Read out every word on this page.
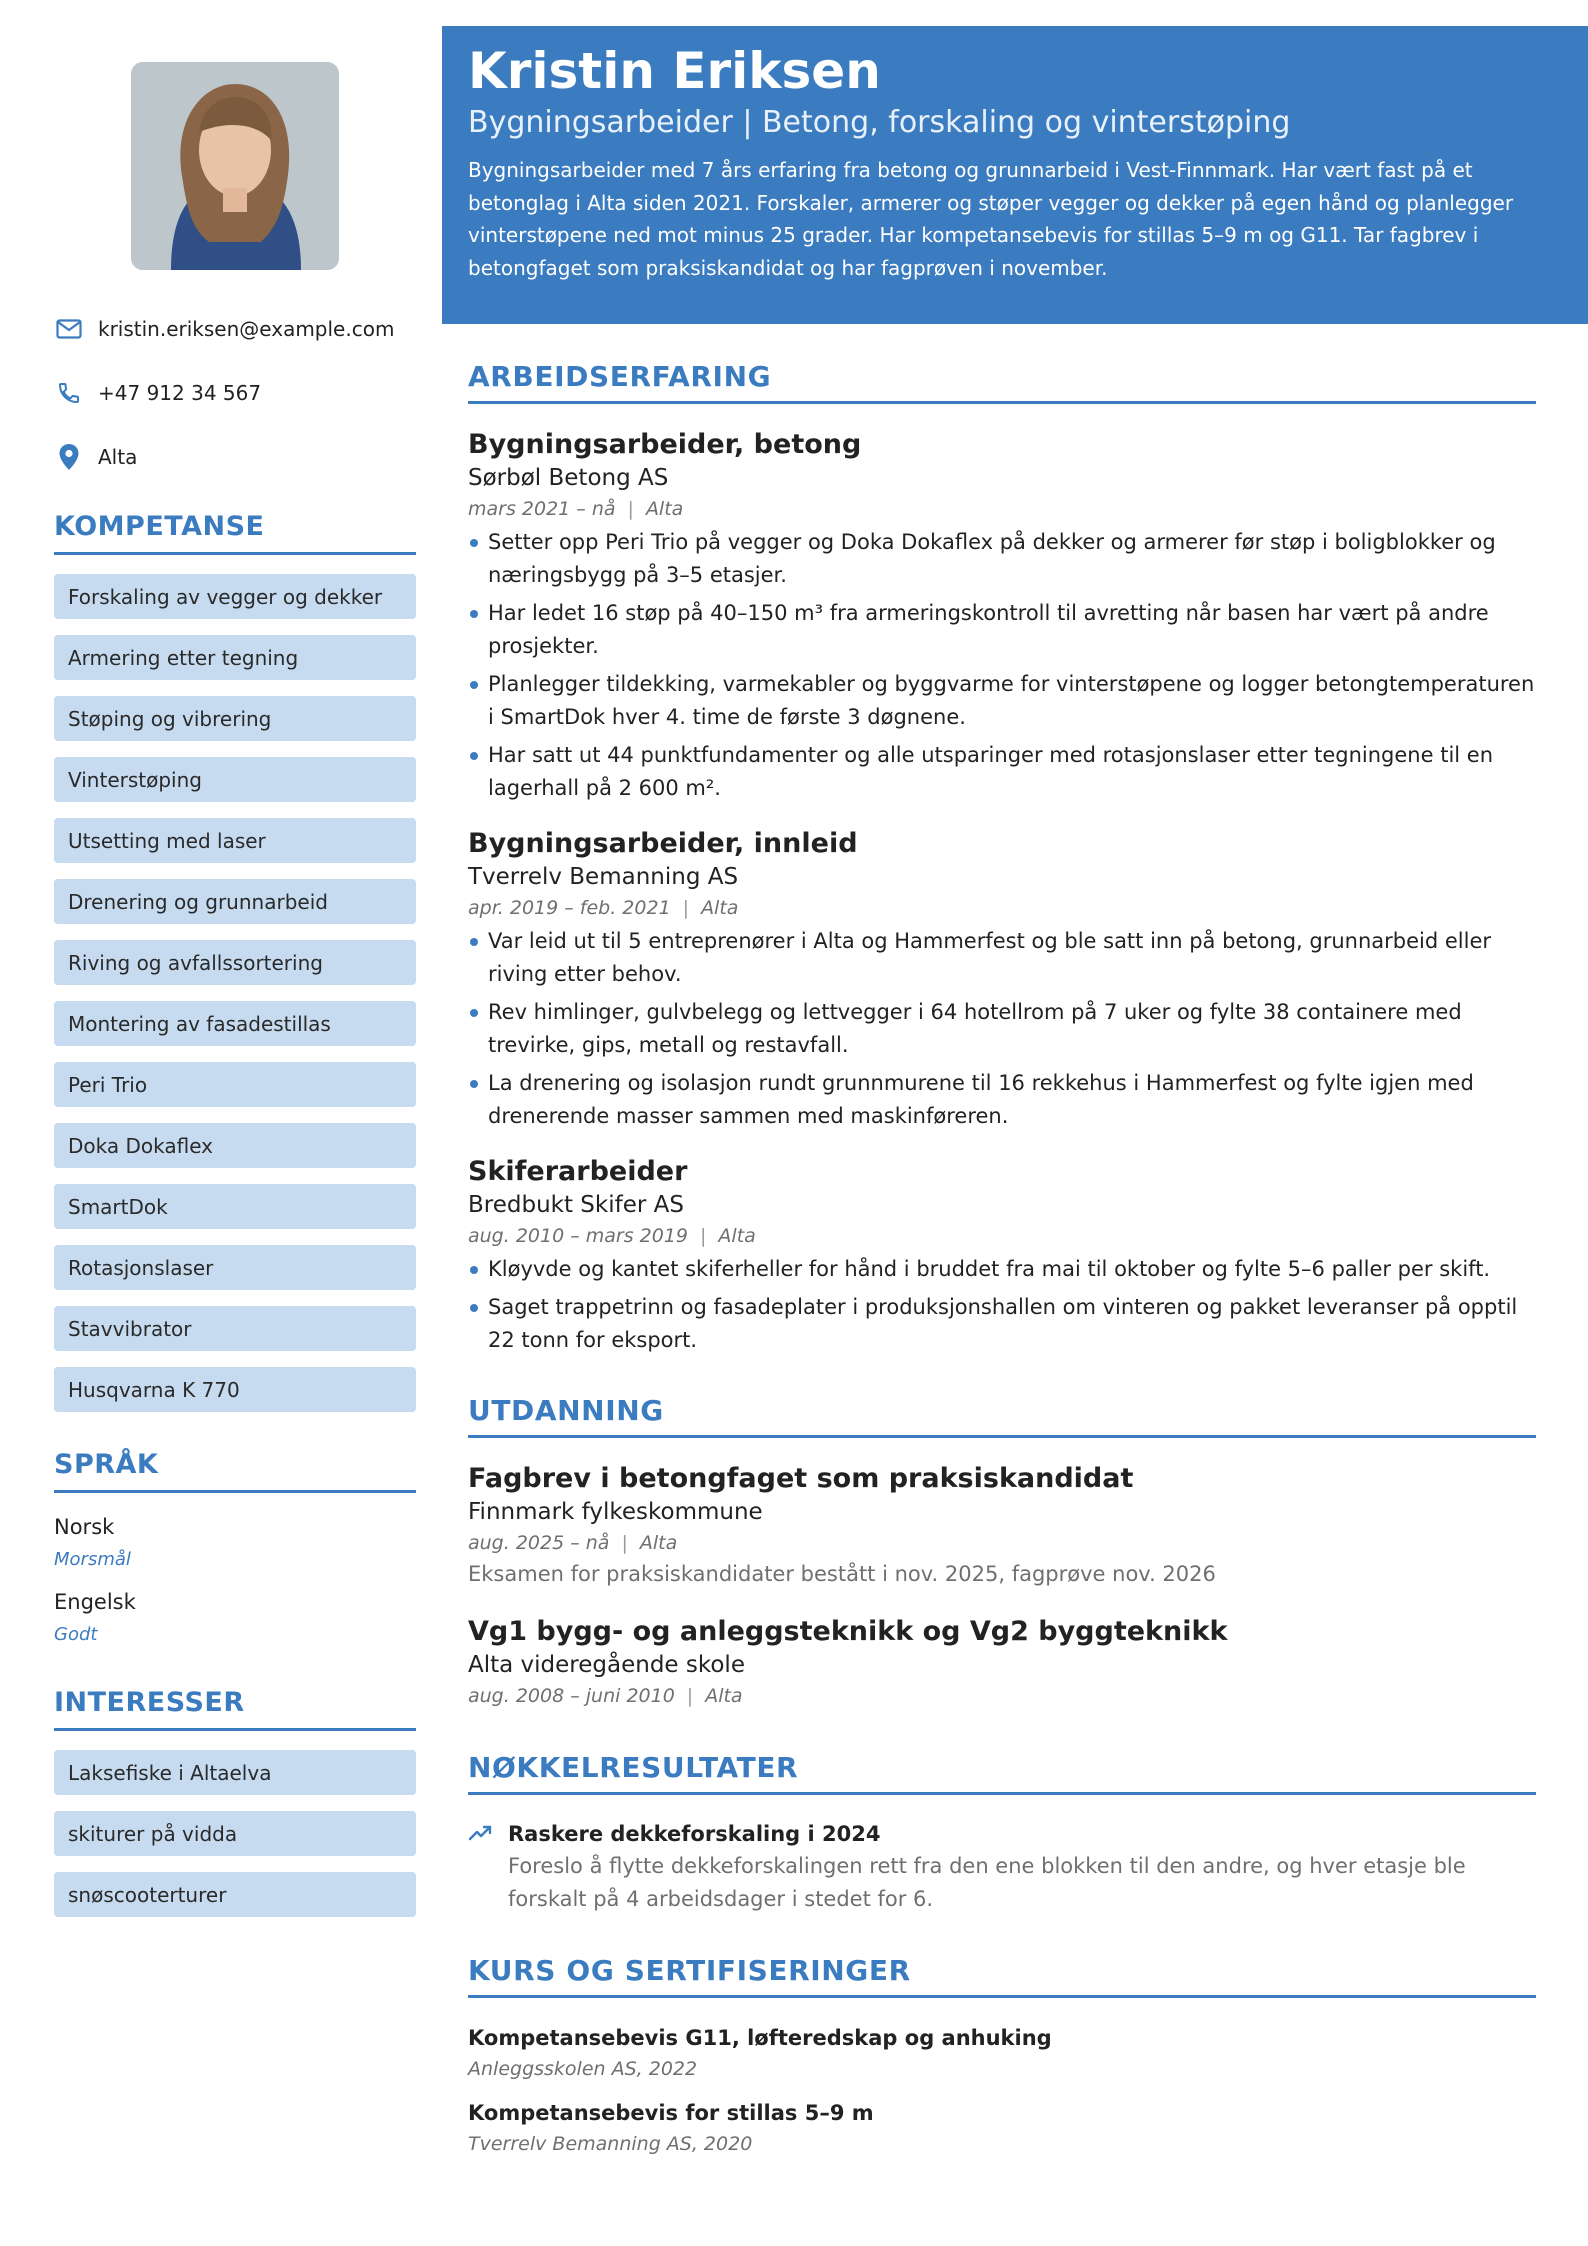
kristin.eriksen@example.com
+47 912 34 567
Alta
KOMPETANSE
Forskaling av vegger og dekker
Armering etter tegning
Støping og vibrering
Vinterstøping
Utsetting med laser
Drenering og grunnarbeid
Riving og avfallssortering
Montering av fasadestillas
Peri Trio
Doka Dokaflex
SmartDok
Rotasjonslaser
Stavvibrator
Husqvarna K 770
SPRÅK
Norsk
Morsmål
Engelsk
Godt
INTERESSER
Laksefiske i Altaelva
skiturer på vidda
snøscooterturer
Kristin Eriksen
Bygningsarbeider | Betong, forskaling og vinterstøping
Bygningsarbeider med 7 års erfaring fra betong og grunnarbeid i Vest-Finnmark. Har vært fast på et betonglag i Alta siden 2021. Forskaler, armerer og støper vegger og dekker på egen hånd og planlegger vinterstøpene ned mot minus 25 grader. Har kompetansebevis for stillas 5–9 m og G11. Tar fagbrev i betongfaget som praksiskandidat og har fagprøven i november.
ARBEIDSERFARING
Bygningsarbeider, betong
Sørbøl Betong AS
mars 2021 – nå | Alta
Setter opp Peri Trio på vegger og Doka Dokaflex på dekker og armerer før støp i boligblokker og næringsbygg på 3–5 etasjer.
Har ledet 16 støp på 40–150 m³ fra armeringskontroll til avretting når basen har vært på andre prosjekter.
Planlegger tildekking, varmekabler og byggvarme for vinterstøpene og logger betongtemperaturen i SmartDok hver 4. time de første 3 døgnene.
Har satt ut 44 punktfundamenter og alle utsparinger med rotasjonslaser etter tegningene til en lagerhall på 2 600 m².
Bygningsarbeider, innleid
Tverrelv Bemanning AS
apr. 2019 – feb. 2021 | Alta
Var leid ut til 5 entreprenører i Alta og Hammerfest og ble satt inn på betong, grunnarbeid eller riving etter behov.
Rev himlinger, gulvbelegg og lettvegger i 64 hotellrom på 7 uker og fylte 38 containere med trevirke, gips, metall og restavfall.
La drenering og isolasjon rundt grunnmurene til 16 rekkehus i Hammerfest og fylte igjen med drenerende masser sammen med maskinføreren.
Skiferarbeider
Bredbukt Skifer AS
aug. 2010 – mars 2019 | Alta
Kløyvde og kantet skiferheller for hånd i bruddet fra mai til oktober og fylte 5–6 paller per skift.
Saget trappetrinn og fasadeplater i produksjonshallen om vinteren og pakket leveranser på opptil 22 tonn for eksport.
UTDANNING
Fagbrev i betongfaget som praksiskandidat
Finnmark fylkeskommune
aug. 2025 – nå | Alta
Eksamen for praksiskandidater bestått i nov. 2025, fagprøve nov. 2026
Vg1 bygg- og anleggsteknikk og Vg2 byggteknikk
Alta videregående skole
aug. 2008 – juni 2010 | Alta
NØKKELRESULTATER
Raskere dekkeforskaling i 2024
Foreslo å flytte dekkeforskalingen rett fra den ene blokken til den andre, og hver etasje ble forskalt på 4 arbeidsdager i stedet for 6.
KURS OG SERTIFISERINGER
Kompetansebevis G11, løfteredskap og anhuking
Anleggsskolen AS, 2022
Kompetansebevis for stillas 5–9 m
Tverrelv Bemanning AS, 2020
